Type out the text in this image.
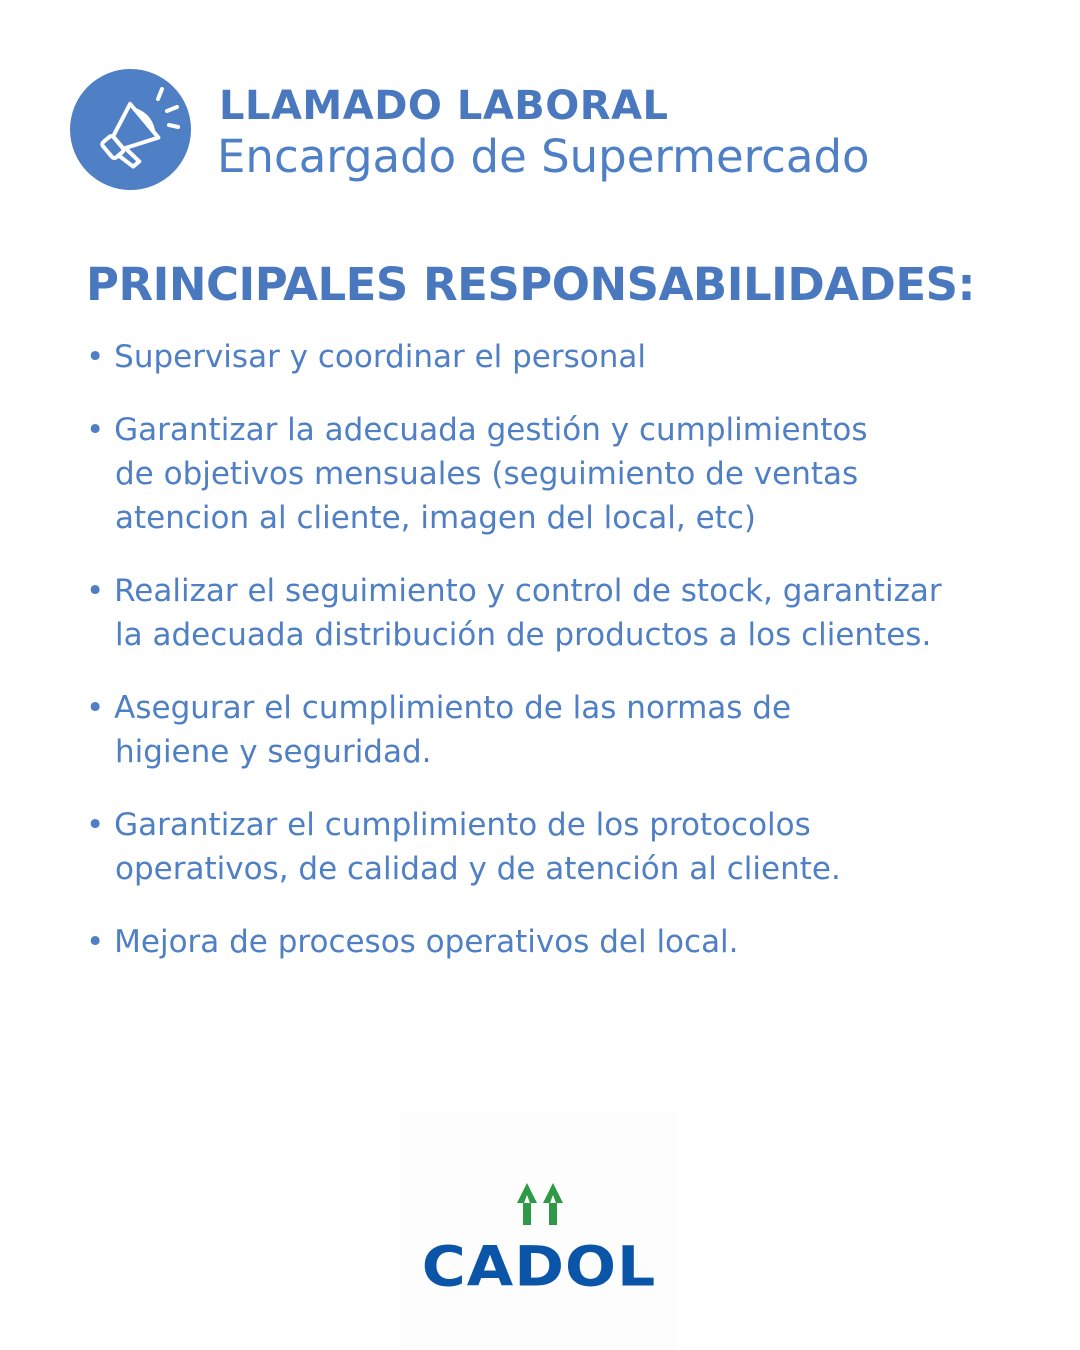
LLAMADO LABORAL
Encargado de Supermercado
PRINCIPALES RESPONSABILIDADES:
• Supervisar y coordinar el personal
• Garantizar la adecuada gestión y cumplimientos
de objetivos mensuales (seguimiento de ventas
atencion al cliente, imagen del local, etc)
• Realizar el seguimiento y control de stock, garantizar
la adecuada distribución de productos a los clientes.
• Asegurar el cumplimiento de las normas de
higiene y seguridad.
• Garantizar el cumplimiento de los protocolos
operativos, de calidad y de atención al cliente.
• Mejora de procesos operativos del local.
CADOL
